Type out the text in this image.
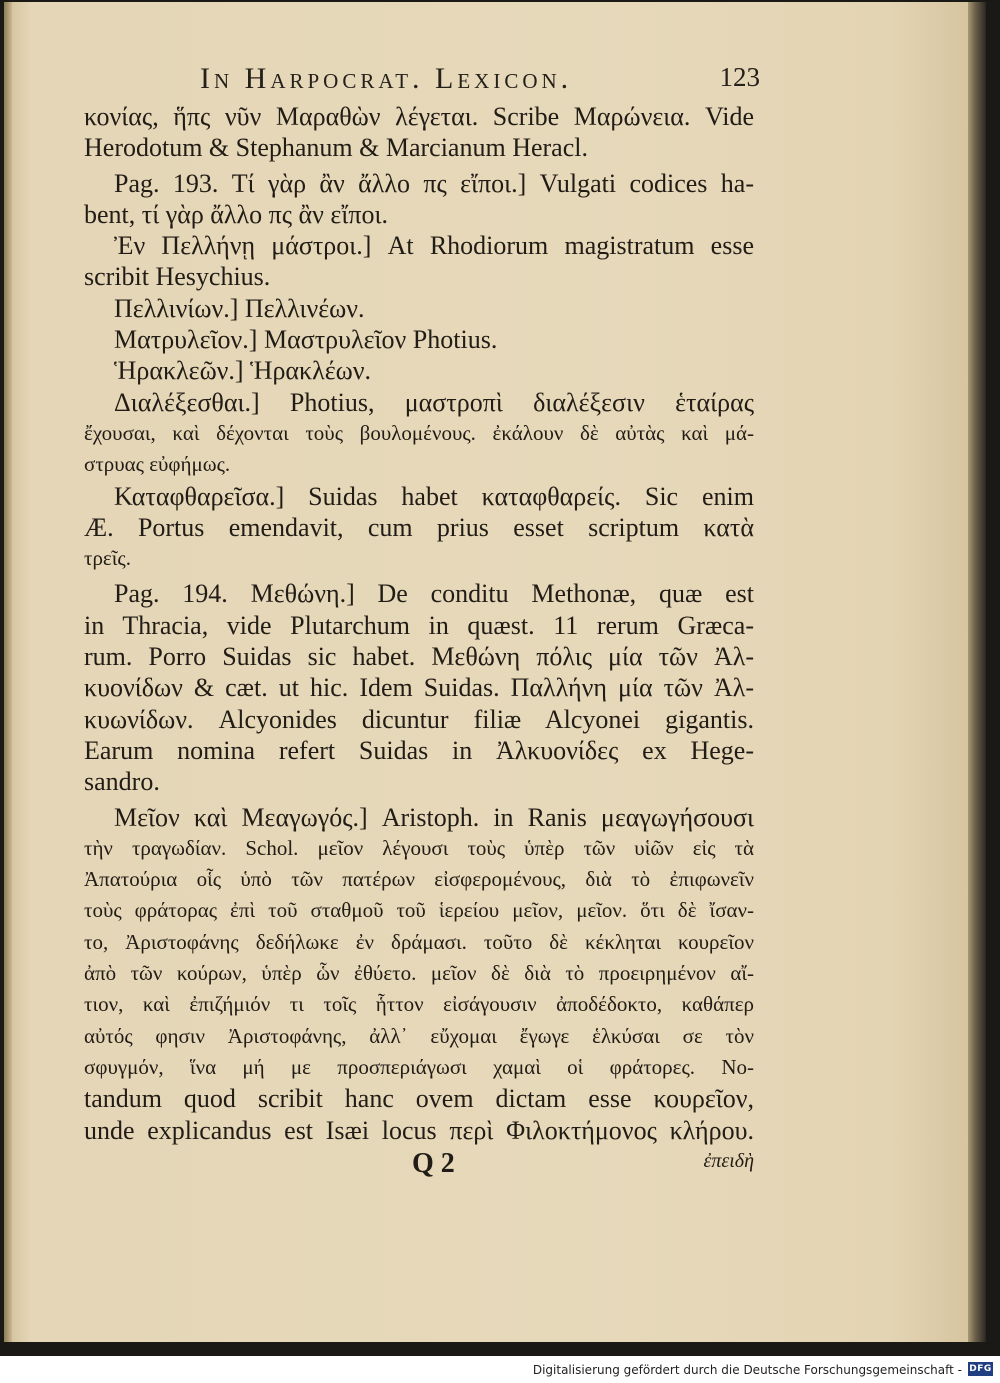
In Harpocrat. Lexicon.	123
κονίας, ἥπς νῦν Μαραθὼν λέγεται. Scribe Μαρώνεια. Vide
Herodotum & Stephanum & Marcianum Heracl.
Pag. 193. Τί γὰρ ἂν ἄλλο πς εἴποι.] Vulgati codices ha-
bent, τί γὰρ ἄλλο πς ἂν εἴποι.
Ἐν Πελλήνῃ μάστροι.] At Rhodiorum magistratum esse
scribit Hesychius.
Πελλινίων.] Πελλινέων.
Ματρυλεῖον.] Μαστρυλεῖον Photius.
Ἡρακλεῶν.] Ἡρακλέων.
Διαλέξεσθαι.] Photius, μαστροπὶ διαλέξεσιν ἑταίρας
ἔχουσαι, καὶ δέχονται τοὺς βουλομένους. ἐκάλουν δὲ αὐτὰς καὶ μά-
στρυας εὐφήμως.
Καταφθαρεῖσα.] Suidas habet καταφθαρείς. Sic enim
Æ. Portus emendavit, cum prius esset scriptum κατὰ
τρεῖς.
Pag. 194. Μεθώνη.] De conditu Methonæ, quæ est
in Thracia, vide Plutarchum in quæst. 11 rerum Græca-
rum. Porro Suidas sic habet. Μεθώνη πόλις μία τῶν Ἀλ-
κυονίδων & cæt. ut hic. Idem Suidas. Παλλήνη μία τῶν Ἀλ-
κυωνίδων. Alcyonides dicuntur filiæ Alcyonei gigantis.
Earum nomina refert Suidas in Ἀλκυονίδες ex Hege-
sandro.
Μεῖον καὶ Μεαγωγός.] Aristoph. in Ranis μεαγωγήσουσι
τὴν τραγωδίαν. Schol. μεῖον λέγουσι τοὺς ὑπὲρ τῶν υἱῶν εἰς τὰ
Ἀπατούρια οἷς ὑπὸ τῶν πατέρων εἰσφερομένους, διὰ τὸ ἐπιφωνεῖν
τοὺς φράτορας ἐπὶ τοῦ σταθμοῦ τοῦ ἱερείου μεῖον, μεῖον. ὅτι δὲ ἴσαν-
το, Ἀριστοφάνης δεδήλωκε ἐν δράμασι. τοῦτο δὲ κέκληται κουρεῖον
ἀπὸ τῶν κούρων, ὑπὲρ ὧν ἐθύετο. μεῖον δὲ διὰ τὸ προειρημένον αἴ-
τιον, καὶ ἐπιζήμιόν τι τοῖς ἧττον εἰσάγουσιν ἀποδέδοκτο, καθάπερ
αὐτός φησιν Ἀριστοφάνης, ἀλλ᾽ εὔχομαι ἔγωγε ἑλκύσαι σε τὸν
σφυγμόν, ἵνα μή με προσπεριάγωσι χαμαὶ οἱ φράτορες. No-
tandum quod scribit hanc ovem dictam esse κουρεῖον,
unde explicandus est Isæi locus περὶ Φιλοκτήμονος κλήρου.
Q 2	ἐπειδὴ
Digitalisierung gefördert durch die Deutsche Forschungsgemeinschaft - DFG
